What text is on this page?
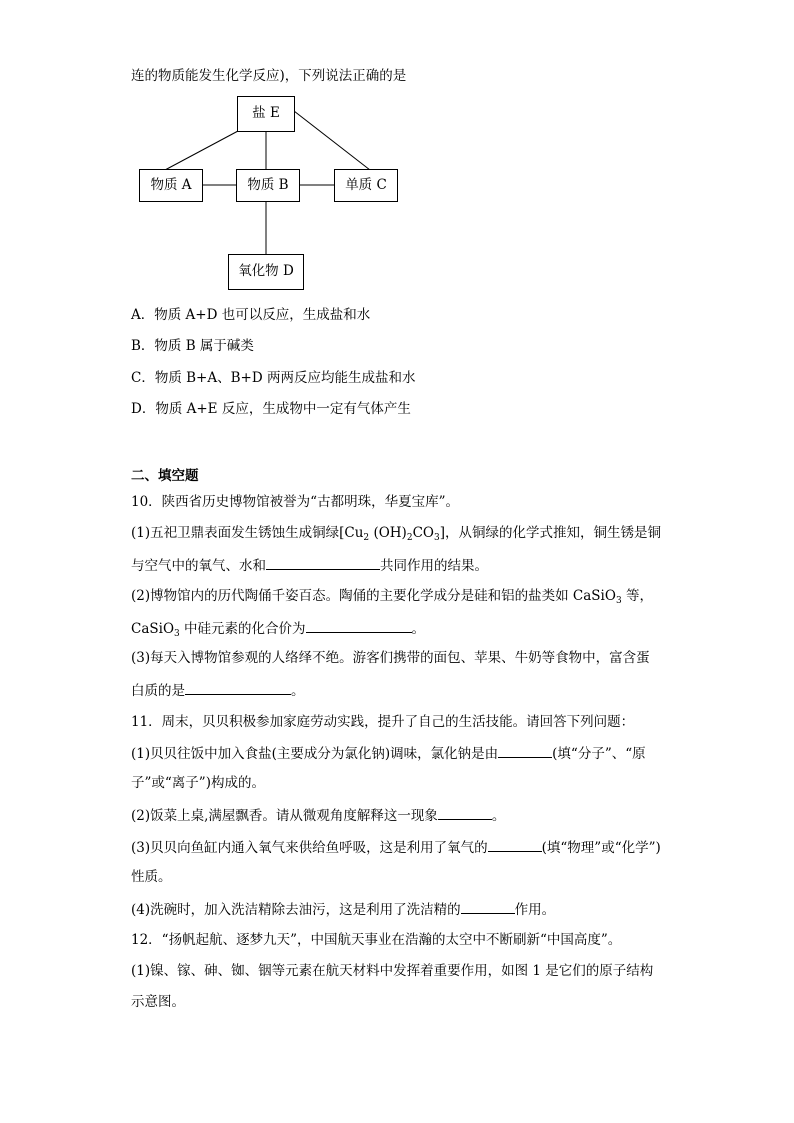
连的物质能发生化学反应)，下列说法正确的是
盐 E
物质 A	物质 B	单质 C
氧化物 D
A．物质 A+D 也可以反应，生成盐和水
B．物质 B 属于碱类
C．物质 B+A、B+D 两两反应均能生成盐和水
D．物质 A+E 反应，生成物中一定有气体产生
二、填空题
10．陕西省历史博物馆被誉为“古都明珠，华夏宝库”。
(1)五祀卫鼎表面发生锈蚀生成铜绿[$Cu_2$ $(OH)_2CO_3$]，从铜绿的化学式推知，铜生锈是铜
与空气中的氧气、水和	共同作用的结果。
(2)博物馆内的历代陶俑千姿百态。陶俑的主要化学成分是硅和铝的盐类如 CaSiO$_3$ 等，
CaSiO$_3$ 中硅元素的化合价为	。
(3)每天入博物馆参观的人络绎不绝。游客们携带的面包、苹果、牛奶等食物中，富含蛋
白质的是	。
11．周末，贝贝积极参加家庭劳动实践，提升了自己的生活技能。请回答下列问题：
(1)贝贝往饭中加入食盐(主要成分为氯化钠)调味，氯化钠是由	(填“分子”、“原
子”或“离子”)构成的。
(2)饭菜上桌,满屋飘香。请从微观角度解释这一现象	。
(3)贝贝向鱼缸内通入氧气来供给鱼呼吸，这是利用了氧气的	(填“物理”或“化学”)
性质。
(4)洗碗时，加入洗洁精除去油污，这是利用了洗洁精的	作用。
12．“扬帆起航、逐梦九天”，中国航天事业在浩瀚的太空中不断刷新“中国高度”。
(1)镍、镓、砷、铷、铟等元素在航天材料中发挥着重要作用，如图 1 是它们的原子结构
示意图。
